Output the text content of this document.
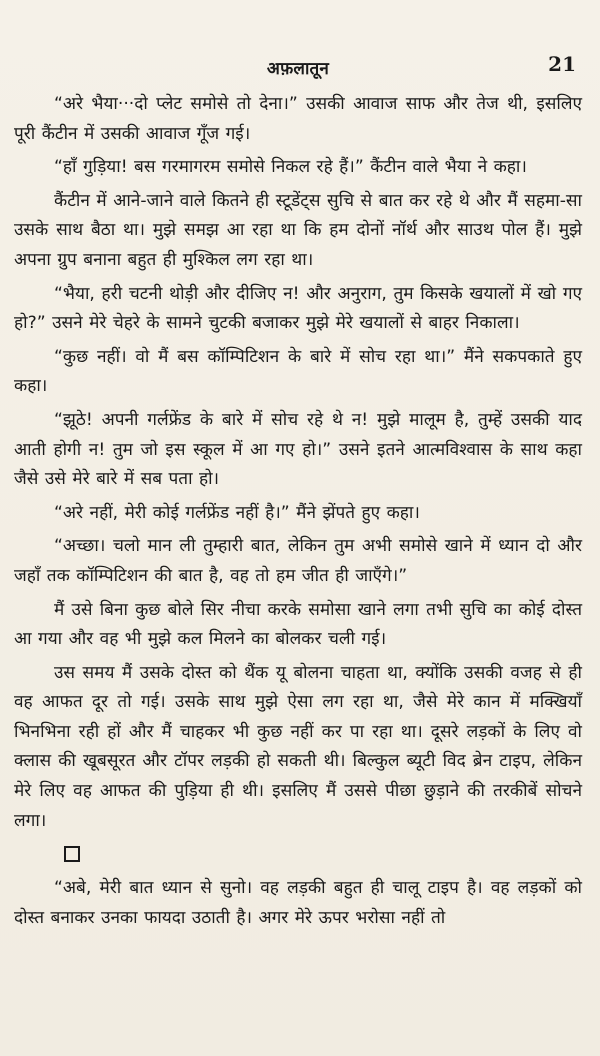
अफ़लातून	21

“अरे भैया···दो प्लेट समोसे तो देना।” उसकी आवाज साफ और तेज थी, इसलिए पूरी कैंटीन में उसकी आवाज गूँज गई।

“हाँ गुड़िया! बस गरमागरम समोसे निकल रहे हैं।” कैंटीन वाले भैया ने कहा।

कैंटीन में आने-जाने वाले कितने ही स्टूडेंट्स सुचि से बात कर रहे थे और मैं सहमा-सा उसके साथ बैठा था। मुझे समझ आ रहा था कि हम दोनों नॉर्थ और साउथ पोल हैं। मुझे अपना ग्रुप बनाना बहुत ही मुश्किल लग रहा था।

“भैया, हरी चटनी थोड़ी और दीजिए न! और अनुराग, तुम किसके खयालों में खो गए हो?” उसने मेरे चेहरे के सामने चुटकी बजाकर मुझे मेरे खयालों से बाहर निकाला।

“कुछ नहीं। वो मैं बस कॉम्पिटिशन के बारे में सोच रहा था।” मैंने सकपकाते हुए कहा।

“झूठे! अपनी गर्लफ्रेंड के बारे में सोच रहे थे न! मुझे मालूम है, तुम्हें उसकी याद आती होगी न! तुम जो इस स्कूल में आ गए हो।” उसने इतने आत्मविश्वास के साथ कहा जैसे उसे मेरे बारे में सब पता हो।

“अरे नहीं, मेरी कोई गर्लफ्रेंड नहीं है।” मैंने झेंपते हुए कहा।

“अच्छा। चलो मान ली तुम्हारी बात, लेकिन तुम अभी समोसे खाने में ध्यान दो और जहाँ तक कॉम्पिटिशन की बात है, वह तो हम जीत ही जाएँगे।”

मैं उसे बिना कुछ बोले सिर नीचा करके समोसा खाने लगा तभी सुचि का कोई दोस्त आ गया और वह भी मुझे कल मिलने का बोलकर चली गई।

उस समय मैं उसके दोस्त को थैंक यू बोलना चाहता था, क्योंकि उसकी वजह से ही वह आफत दूर तो गई। उसके साथ मुझे ऐसा लग रहा था, जैसे मेरे कान में मक्खियाँ भिनभिना रही हों और मैं चाहकर भी कुछ नहीं कर पा रहा था। दूसरे लड़कों के लिए वो क्लास की खूबसूरत और टॉपर लड़की हो सकती थी। बिल्कुल ब्यूटी विद ब्रेन टाइप, लेकिन मेरे लिए वह आफत की पुड़िया ही थी। इसलिए मैं उससे पीछा छुड़ाने की तरकीबें सोचने लगा।

“अबे, मेरी बात ध्यान से सुनो। वह लड़की बहुत ही चालू टाइप है। वह लड़कों को दोस्त बनाकर उनका फायदा उठाती है। अगर मेरे ऊपर भरोसा नहीं तो
